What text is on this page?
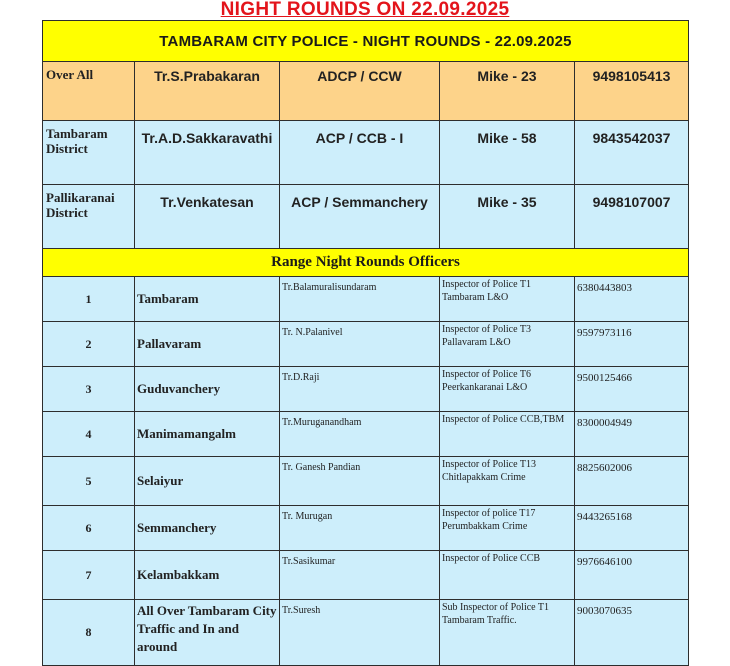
NIGHT ROUNDS ON 22.09.2025
TAMBARAM CITY POLICE - NIGHT ROUNDS - 22.09.2025				
Over All	Tr.S.Prabakaran	ADCP / CCW	Mike - 23	9498105413
Tambaram District	Tr.A.D.Sakkaravathi	ACP / CCB - I	Mike - 58	9843542037
Pallikaranai District	Tr.Venkatesan	ACP / Semmanchery	Mike - 35	9498107007
Range Night Rounds Officers				
1	Tambaram	Tr.Balamuralisundaram	Inspector of Police T1 Tambaram L&O	6380443803
2	Pallavaram	Tr. N.Palanivel	Inspector of Police T3 Pallavaram L&O	9597973116
3	Guduvanchery	Tr.D.Raji	Inspector of Police T6 Peerkankaranai L&O	9500125466
4	Manimamangalm	Tr.Muruganandham	Inspector of Police CCB,TBM	8300004949
5	Selaiyur	Tr. Ganesh Pandian	Inspector of Police T13 Chitlapakkam Crime	8825602006
6	Semmanchery	Tr. Murugan	Inspector of police T17 Perumbakkam Crime	9443265168
7	Kelambakkam	Tr.Sasikumar	Inspector of Police CCB	9976646100
8	All Over Tambaram City Traffic and In and around	Tr.Suresh	Sub Inspector of Police T1 Tambaram Traffic.	9003070635
